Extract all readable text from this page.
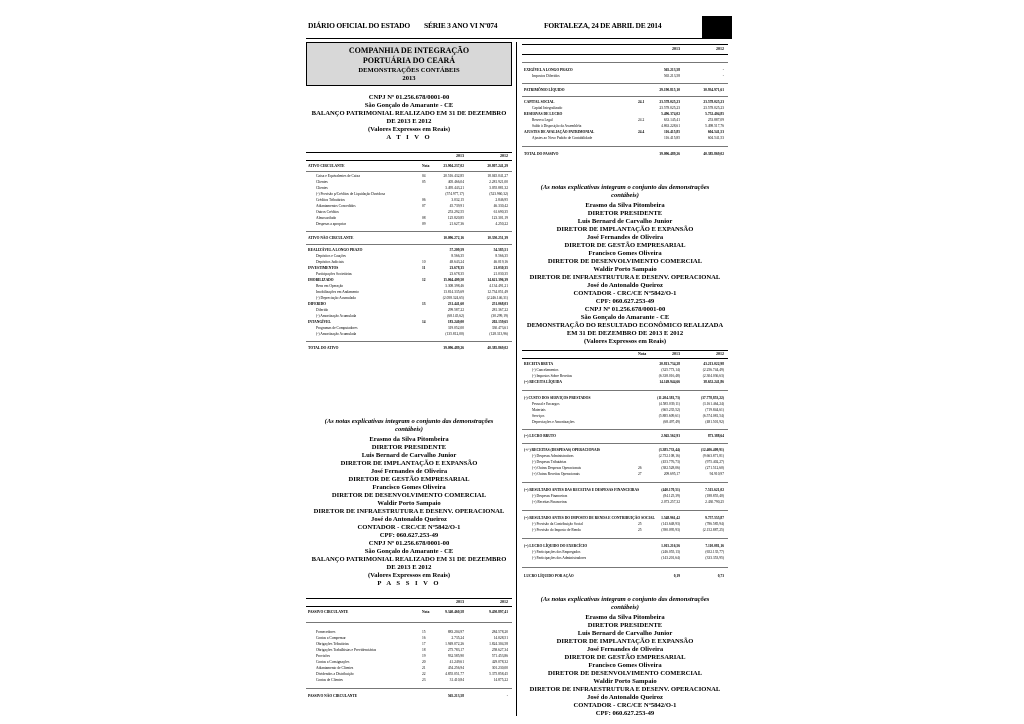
DIÁRIO OFICIAL DO ESTADO SÉRIE 3 ANO VI Nº074	FORTALEZA, 24 DE ABRIL DE 2014
COMPANHIA DE INTEGRAÇÃO
PORTUÁRIA DO CEARÁ
DEMONSTRAÇÕES CONTÁBEIS
2013
CNPJ Nº 01.256.678/0001-00
São Gonçalo do Amarante - CE
BALANÇO PATRIMONIAL REALIZADO EM 31 DE DEZEMBRO
DE 2013 E 2012
(Valores Expressos em Reais)
A T I V O
2013	2012
ATIVO CIRCULANTE	Nota	23.904.237,02	20.807.241,29
Caixa e Equivalentes de Caixa	04	20.516.432,85	18.045.041,27
Clientes	05	405.466,04	2.281.921,00
Clientes	3.495.443,21	3.055.881,32
(-) Provisão p/Créditos de Liquidação Duvidosa	(574.977,17)	(523.960,32)
Créditos Tributários	06	3.032,15	2.846,95
Adiantamentos Concedidos	07	45.739,91	46.330,42
Outros Créditos	253.292,55	61.690,35
Almoxarifado	08	125.820,85	123.301,19
Despesas a apropriar	09	21.627,36	4.250,22
ATIVO NÃO CIRCULANTE	10.096.272,16	10.350.251,39
REALIZÁVEL A LONGO PRAZO	57.209,59	54.585,51
Depósitos e Cauções	8.566,35	8.566,35
Depósitos Judiciais	10	48.643,24	46.019,16
INVESTIMENTOS	11	23.678,35	21.030,35
Participações Societárias	23.678,35	21.030,35
IMOBILIZADO	12	15.064.409,50	14.621.396,39
Bens em Operação	3.308.398,46	4.134.491,21
Imobilizações em Andamento	13.814.335,69	12.734.051,49
(-) Depreciação Acumulada	(2.058.324,65)	(2.246.146,31)
DIFERIDO	13	231.441,60	251.068,03
Diferido	299.587,22	281.367,22
(-) Amortização Acumulada	(68.145,62)	(30.299,19)
INTANGÍVEL	14	183.240,00	202.159,65
Programas de Computadores	319.052,00	330.473,61
(-) Amortização Acumulada	(135.812,00)	(128.313,96)
TOTAL DO ATIVO	39.096.489,26	40.385.869,02
(As notas explicativas integram o conjunto das demonstrações
contábeis)
Erasmo da Silva Pitombeira
DIRETOR PRESIDENTE
Luis Bernard de Carvalho Junior
DIRETOR DE IMPLANTAÇÃO E EXPANSÃO
José Fernandes de Oliveira
DIRETOR DE GESTÃO EMPRESARIAL
Francisco Gomes Oliveira
DIRETOR DE DESENVOLVIMENTO COMERCIAL
Waldir Porto Sampaio
DIRETOR DE INFRAESTRUTURA E DESENV. OPERACIONAL
José do Antonaldo Queiroz
CONTADOR - CRC/CE Nº5842/O-1
CPF: 060.627.253-49
CNPJ Nº 01.256.678/0001-00
São Gonçalo do Amarante - CE
BALANÇO PATRIMONIAL REALIZADO EM 31 DE DEZEMBRO
DE 2013 E 2012
(Valores Expressos em Reais)
P A S S I V O
2013	2012
PASSIVO CIRCULANTE	Nota	9.340.460,58	9.450.897,41
Fornecedores	15	883.204,97	284.578,20
Contas a Compensar	16	2.735,24	14.028,51
Obrigações Tributárias	17	1.949.072,26	1.824.304,58
Obrigações Trabalhistas e Previdenciárias	18	275.783,17	258.627,34
Provisões	19	932.585,90	571.453,86
Contas a Consignações	20	41.249,61	429.078,32
Adiantamento de Clientes	21	454.256,94	301.230,00
Dividendos a Distribuição	22	4.855.051,77	5.375.858,45
Contas de Clientes	23	31.410,84	14.875,22
PASSIVO NÃO CIRCULANTE	565.213,58	-
2013	2012
EXIGÍVEL A LONGO PRAZO	565.213,58	-
Impostos Diferidos	565.213,58	-
PATRIMÔNIO LÍQUIDO	29.190.815,10	30.934.971,61
CAPITAL SOCIAL	24.1	23.578.025,23	23.578.025,23
Capital Integralizado	23.578.025,23	23.578.025,23
RESERVAS DE LUCRO	5.496.374,02	5.752.404,85
Reserva Legal	24.2	633.145,41	253.887,09
Saldo à Disposição da Assembléia	4.863.228,61	5.498.517,76
AJUSTES DE AVALIAÇÃO PATRIMONIAL	24.4	116.415,85	604.541,53
Ajustes ao Novo Padrão de Contabilidade	116.415,85	604.541,53
TOTAL DO PASSIVO	39.096.489,26	40.385.869,02
(As notas explicativas integram o conjunto das demonstrações
contábeis)
Erasmo da Silva Pitombeira
DIRETOR PRESIDENTE
Luis Bernard de Carvalho Junior
DIRETOR DE IMPLANTAÇÃO E EXPANSÃO
José Fernandes de Oliveira
DIRETOR DE GESTÃO EMPRESARIAL
Francisco Gomes Oliveira
DIRETOR DE DESENVOLVIMENTO COMERCIAL
Waldir Porto Sampaio
DIRETOR DE INFRAESTRUTURA E DESENV. OPERACIONAL
José do Antonaldo Queiroz
CONTADOR - CRC/CE Nº5842/O-1
CPF: 060.627.253-49
CNPJ Nº 01.256.678/0001-00
São Gonçalo do Amarante - CE
DEMONSTRAÇÃO DO RESULTADO ECONÔMICO REALIZADA
EM 31 DE DEZEMBRO DE 2013 E 2012
(Valores Expressos em Reais)
Nota	2013	2012
RECEITA BRUTA	20.813.734,28	43.213.022,98
(-) Cancelamentos	(325.773,14)	(2.256.744,49)
(-) Impostos Sobre Receitas	(6.338.016,48)	(2.304.036,63)
(=) RECEITA LÍQUIDA	14.149.944,66	38.652.241,86
(-) CUSTO DOS SERVIÇOS PRESTADOS	(11.204.381,73)	(37.778,853,22)
Pessoal e Encargos	(4.585.039,11)	(3.161.464,24)
Materiais	(665.235,52)	(719.844,61)
Serviços	(5.885.609,61)	(6.574.081,54)
Depreciações e Amortizações	(68.497,49)	(481.501,92)
(=) LUCRO BRUTO	2.945.562,93	873.388,64
(+/-) RECEITAS (DESPESAS) OPERACIONAIS	(3.385.733,44)	(12.406.409,91)
(-) Despesas Administrativas	(2.752.108,16)	(9.663.871,81)
(-) Despesas Tributárias	(453.776,73)	(975.402,27)
(+) Outras Despesas Operacionais	26	(382.528,06)	(271.512,60)
(+) Outras Receitas Operacionais	27	209.695,17	94.910,97
(=) RESULTADO ANTES DAS RECEITAS E DESPESAS FINANCEIRAS	(440.170,51)	7.515.621,02
(-) Despesas Financeiras	(84.125,39)	(188.855,40)
(+) Receitas Financeiras	2.073.257,32	2.430.790,25
(=) RESULTADO ANTES DO IMPOSTO DE RENDA E CONTRIBUIÇÃO SOCIAL 1.548.961,42	9.757.555,87
(-) Provisão da Contribuição Social	25	(143.648,93)	(786.585,94)
(-) Provisão do Imposto de Renda	25	(390.095,93)	(2.152.887,25)
(=) LUCRO LÍQUIDO DO EXERCÍCIO	1.015.216,56	7.110.081,16
(-) Participações dos Empregados	(246.055,13)	(652.135,77)
(-) Participações dos Administradores	(143.201,64)	(333.353,95)
LUCRO LÍQUIDO POR AÇÃO	0,19	0,73
(As notas explicativas integram o conjunto das demonstrações
contábeis)
Erasmo da Silva Pitombeira
DIRETOR PRESIDENTE
Luis Bernard de Carvalho Junior
DIRETOR DE IMPLANTAÇÃO E EXPANSÃO
José Fernandes de Oliveira
DIRETOR DE GESTÃO EMPRESARIAL
Francisco Gomes Oliveira
DIRETOR DE DESENVOLVIMENTO COMERCIAL
Waldir Porto Sampaio
DIRETOR DE INFRAESTRUTURA E DESENV. OPERACIONAL
José do Antonaldo Queiroz
CONTADOR - CRC/CE Nº5842/O-1
CPF: 060.627.253-49
